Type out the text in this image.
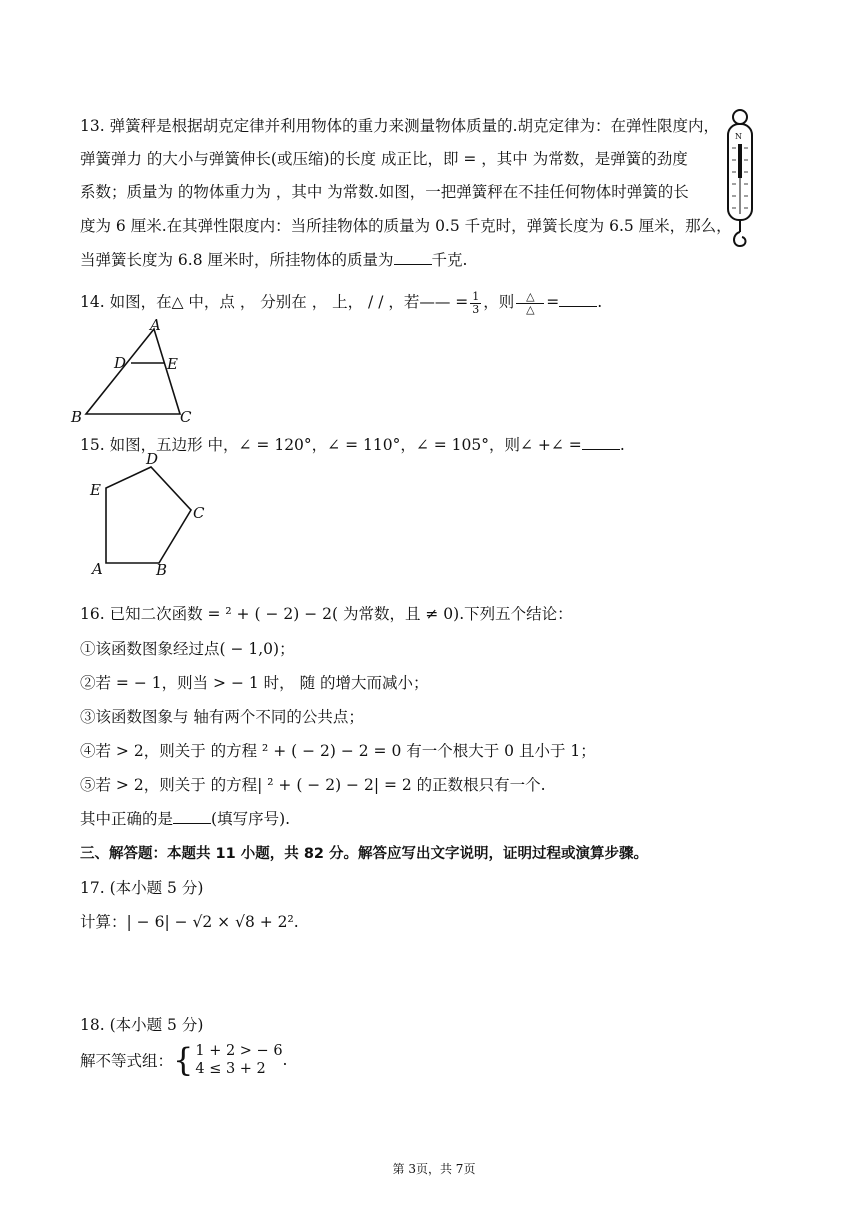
13. 弹簧秤是根据胡克定律并利用物体的重力来测量物体质量的.胡克定律为：在弹性限度内，
弹簧弹力 的大小与弹簧伸长(或压缩)的长度 成正比，即 = ，其中 为常数，是弹簧的劲度
系数；质量为 的物体重力为 ，其中 为常数.如图，一把弹簧秤在不挂任何物体时弹簧的长
度为 6 厘米.在其弹性限度内：当所挂物体的质量为 0.5 千克时，弹簧长度为 6.5 厘米，那么，
当弹簧长度为 6.8 厘米时，所挂物体的质量为 千克.
N
14. 如图，在△ 中，点 ， 分别在 ， 上， / / ，若—— = $\frac{1}{3}$ ，则 $\frac{\triangle}{\triangle}$ = .
A
D	E
B	C
15. 如图，五边形 中，∠ = 120°，∠ = 110°，∠ = 105°，则∠ +∠ = .
D
E
C
A	B
16. 已知二次函数 = ² + ( − 2) − 2( 为常数，且 ≠ 0).下列五个结论：
①该函数图象经过点( − 1,0)；
②若 = − 1，则当 > − 1 时， 随 的增大而减小；
③该函数图象与 轴有两个不同的公共点；
④若 > 2，则关于 的方程 ² + ( − 2) − 2 = 0 有一个根大于 0 且小于 1；
⑤若 > 2，则关于 的方程| ² + ( − 2) − 2| = 2 的正数根只有一个.
其中正确的是 (填写序号).
三、解答题：本题共 11 小题，共 82 分。解答应写出文字说明，证明过程或演算步骤。
17. (本小题 5 分)
计算：| − 6| − √2 × √8 + 2².
18. (本小题 5 分)
解不等式组：{ 1 + 2 > − 6
4 ≤ 3 + 2	.
第 3页，共 7页
